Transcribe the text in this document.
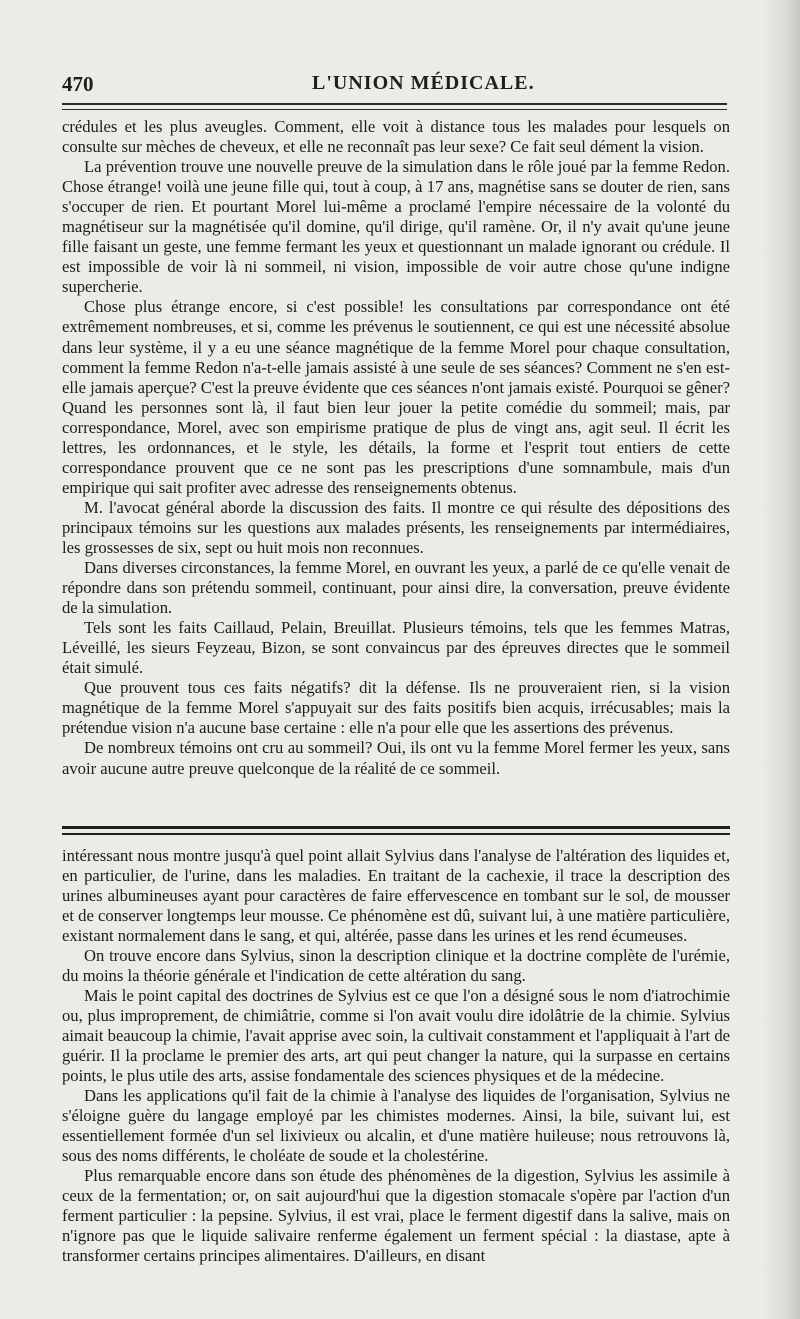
470	L'UNION MÉDICALE.

crédules et les plus aveugles. Comment, elle voit à distance tous les malades pour lesquels on consulte sur mèches de cheveux, et elle ne reconnaît pas leur sexe? Ce fait seul dément la vision.

La prévention trouve une nouvelle preuve de la simulation dans le rôle joué par la femme Redon. Chose étrange! voilà une jeune fille qui, tout à coup, à 17 ans, magnétise sans se douter de rien, sans s'occuper de rien. Et pourtant Morel lui-même a proclamé l'empire nécessaire de la volonté du magnétiseur sur la magnétisée qu'il domine, qu'il dirige, qu'il ramène. Or, il n'y avait qu'une jeune fille faisant un geste, une femme fermant les yeux et questionnant un malade ignorant ou crédule. Il est impossible de voir là ni sommeil, ni vision, impossible de voir autre chose qu'une indigne supercherie.

Chose plus étrange encore, si c'est possible! les consultations par correspondance ont été extrêmement nombreuses, et si, comme les prévenus le soutiennent, ce qui est une nécessité absolue dans leur système, il y a eu une séance magnétique de la femme Morel pour chaque consultation, comment la femme Redon n'a-t-elle jamais assisté à une seule de ses séances? Comment ne s'en est-elle jamais aperçue? C'est la preuve évidente que ces séances n'ont jamais existé. Pourquoi se gêner? Quand les personnes sont là, il faut bien leur jouer la petite comédie du sommeil; mais, par correspondance, Morel, avec son empirisme pratique de plus de vingt ans, agit seul. Il écrit les lettres, les ordonnances, et le style, les détails, la forme et l'esprit tout entiers de cette correspondance prouvent que ce ne sont pas les prescriptions d'une somnambule, mais d'un empirique qui sait profiter avec adresse des renseignements obtenus.

M. l'avocat général aborde la discussion des faits. Il montre ce qui résulte des dépositions des principaux témoins sur les questions aux malades présents, les renseignements par intermédiaires, les grossesses de six, sept ou huit mois non reconnues.

Dans diverses circonstances, la femme Morel, en ouvrant les yeux, a parlé de ce qu'elle venait de répondre dans son prétendu sommeil, continuant, pour ainsi dire, la conversation, preuve évidente de la simulation.

Tels sont les faits Caillaud, Pelain, Breuillat. Plusieurs témoins, tels que les femmes Matras, Léveillé, les sieurs Feyzeau, Bizon, se sont convaincus par des épreuves directes que le sommeil était simulé.

Que prouvent tous ces faits négatifs? dit la défense. Ils ne prouveraient rien, si la vision magnétique de la femme Morel s'appuyait sur des faits positifs bien acquis, irrécusables; mais la prétendue vision n'a aucune base certaine : elle n'a pour elle que les assertions des prévenus.

De nombreux témoins ont cru au sommeil? Oui, ils ont vu la femme Morel fermer les yeux, sans avoir aucune autre preuve quelconque de la réalité de ce sommeil.

intéressant nous montre jusqu'à quel point allait Sylvius dans l'analyse de l'altération des liquides et, en particulier, de l'urine, dans les maladies. En traitant de la cachexie, il trace la description des urines albumineuses ayant pour caractères de faire effervescence en tombant sur le sol, de mousser et de conserver longtemps leur mousse. Ce phénomène est dû, suivant lui, à une matière particulière, existant normalement dans le sang, et qui, altérée, passe dans les urines et les rend écumeuses.

On trouve encore dans Sylvius, sinon la description clinique et la doctrine complète de l'urémie, du moins la théorie générale et l'indication de cette altération du sang.

Mais le point capital des doctrines de Sylvius est ce que l'on a désigné sous le nom d'iatrochimie ou, plus improprement, de chimiâtrie, comme si l'on avait voulu dire idolâtrie de la chimie. Sylvius aimait beaucoup la chimie, l'avait apprise avec soin, la cultivait constamment et l'appliquait à l'art de guérir. Il la proclame le premier des arts, art qui peut changer la nature, qui la surpasse en certains points, le plus utile des arts, assise fondamentale des sciences physiques et de la médecine.

Dans les applications qu'il fait de la chimie à l'analyse des liquides de l'organisation, Sylvius ne s'éloigne guère du langage employé par les chimistes modernes. Ainsi, la bile, suivant lui, est essentiellement formée d'un sel lixivieux ou alcalin, et d'une matière huileuse; nous retrouvons là, sous des noms différents, le choléate de soude et la cholestérine.

Plus remarquable encore dans son étude des phénomènes de la digestion, Sylvius les assimile à ceux de la fermentation; or, on sait aujourd'hui que la digestion stomacale s'opère par l'action d'un ferment particulier : la pepsine. Sylvius, il est vrai, place le ferment digestif dans la salive, mais on n'ignore pas que le liquide salivaire renferme également un ferment spécial : la diastase, apte à transformer certains principes alimentaires. D'ailleurs, en disant
